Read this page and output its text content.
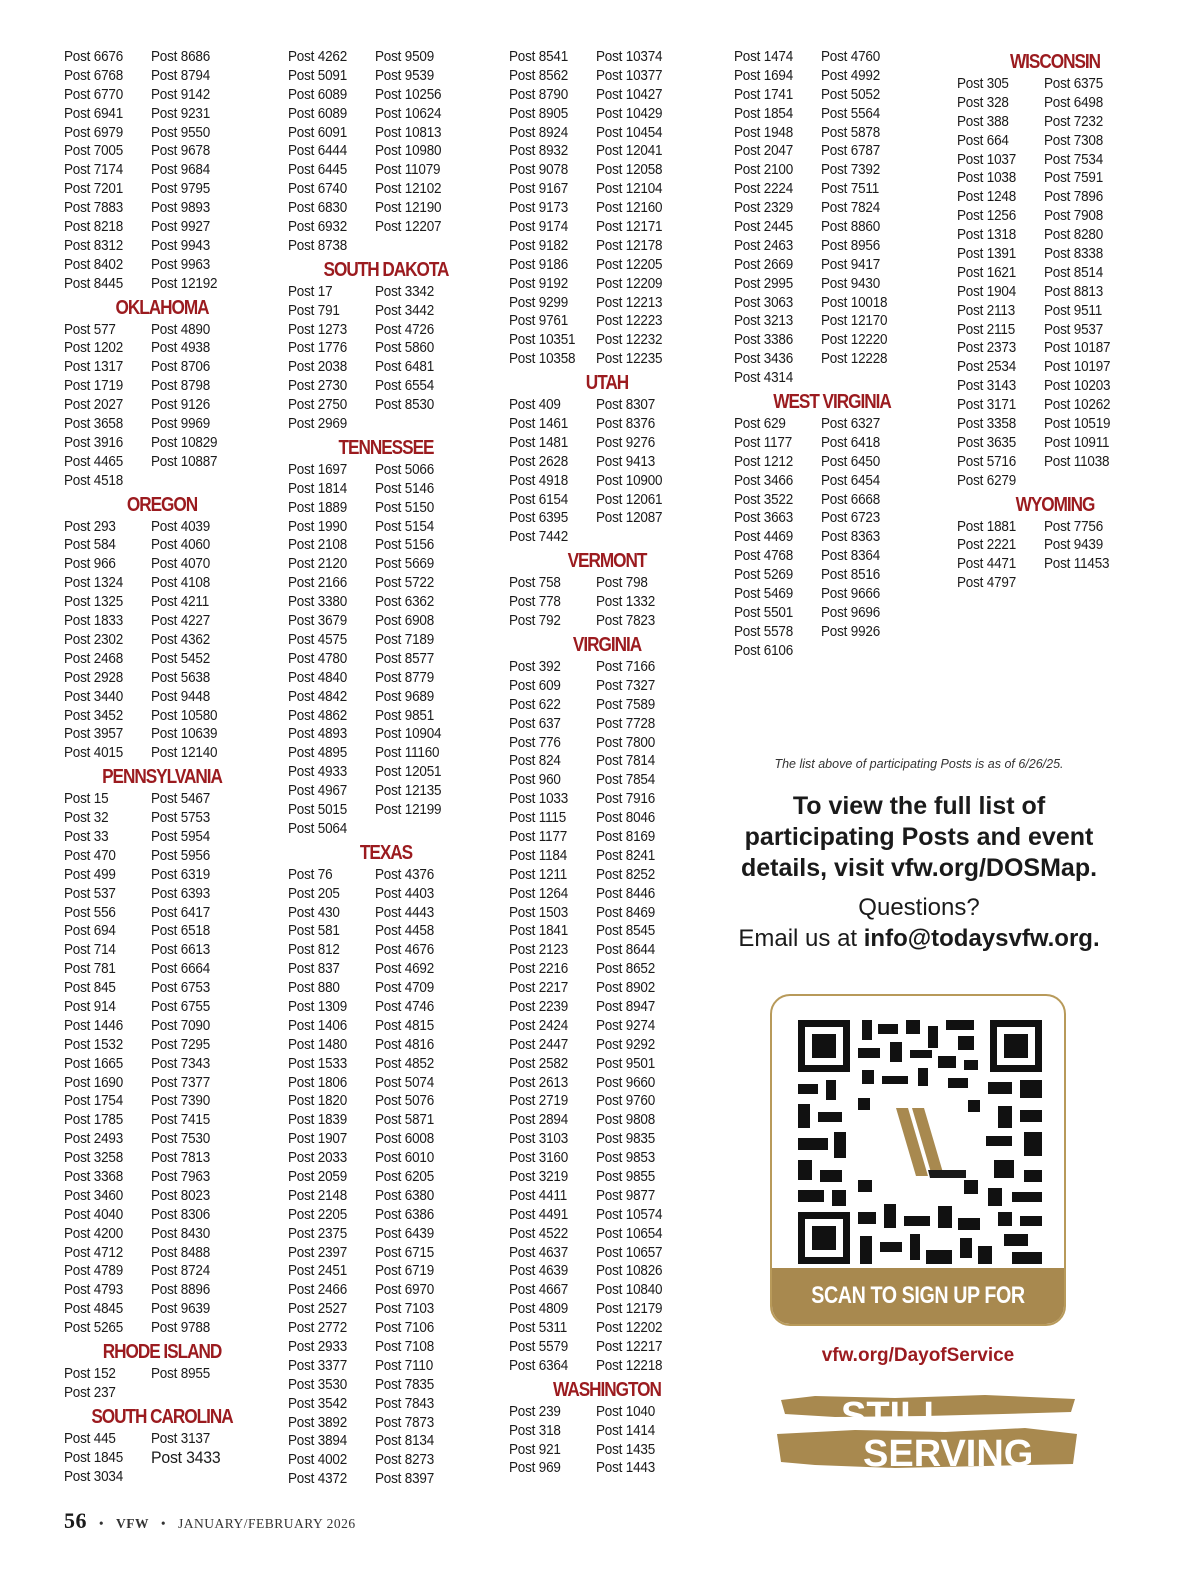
Post 6676	Post 8686
Post 6768	Post 8794
Post 6770	Post 9142
Post 6941	Post 9231
Post 6979	Post 9550
Post 7005	Post 9678
Post 7174	Post 9684
Post 7201	Post 9795
Post 7883	Post 9893
Post 8218	Post 9927
Post 8312	Post 9943
Post 8402	Post 9963
Post 8445	Post 12192
OKLAHOMA
Post 577	Post 4890
Post 1202	Post 4938
Post 1317	Post 8706
Post 1719	Post 8798
Post 2027	Post 9126
Post 3658	Post 9969
Post 3916	Post 10829
Post 4465	Post 10887
Post 4518
OREGON
Post 293	Post 4039
Post 584	Post 4060
Post 966	Post 4070
Post 1324	Post 4108
Post 1325	Post 4211
Post 1833	Post 4227
Post 2302	Post 4362
Post 2468	Post 5452
Post 2928	Post 5638
Post 3440	Post 9448
Post 3452	Post 10580
Post 3957	Post 10639
Post 4015	Post 12140
PENNSYLVANIA
Post 15	Post 5467
Post 32	Post 5753
Post 33	Post 5954
Post 470	Post 5956
Post 499	Post 6319
Post 537	Post 6393
Post 556	Post 6417
Post 694	Post 6518
Post 714	Post 6613
Post 781	Post 6664
Post 845	Post 6753
Post 914	Post 6755
Post 1446	Post 7090
Post 1532	Post 7295
Post 1665	Post 7343
Post 1690	Post 7377
Post 1754	Post 7390
Post 1785	Post 7415
Post 2493	Post 7530
Post 3258	Post 7813
Post 3368	Post 7963
Post 3460	Post 8023
Post 4040	Post 8306
Post 4200	Post 8430
Post 4712	Post 8488
Post 4789	Post 8724
Post 4793	Post 8896
Post 4845	Post 9639
Post 5265	Post 9788
RHODE ISLAND
Post 152	Post 8955
Post 237
SOUTH CAROLINA
Post 445	Post 3137
Post 1845	Post 3433
Post 3034
Post 4262	Post 9509
Post 5091	Post 9539
Post 6089	Post 10256
Post 6089	Post 10624
Post 6091	Post 10813
Post 6444	Post 10980
Post 6445	Post 11079
Post 6740	Post 12102
Post 6830	Post 12190
Post 6932	Post 12207
Post 8738
SOUTH DAKOTA
Post 17	Post 3342
Post 791	Post 3442
Post 1273	Post 4726
Post 1776	Post 5860
Post 2038	Post 6481
Post 2730	Post 6554
Post 2750	Post 8530
Post 2969
TENNESSEE
Post 1697	Post 5066
Post 1814	Post 5146
Post 1889	Post 5150
Post 1990	Post 5154
Post 2108	Post 5156
Post 2120	Post 5669
Post 2166	Post 5722
Post 3380	Post 6362
Post 3679	Post 6908
Post 4575	Post 7189
Post 4780	Post 8577
Post 4840	Post 8779
Post 4842	Post 9689
Post 4862	Post 9851
Post 4893	Post 10904
Post 4895	Post 11160
Post 4933	Post 12051
Post 4967	Post 12135
Post 5015	Post 12199
Post 5064
TEXAS
Post 76	Post 4376
Post 205	Post 4403
Post 430	Post 4443
Post 581	Post 4458
Post 812	Post 4676
Post 837	Post 4692
Post 880	Post 4709
Post 1309	Post 4746
Post 1406	Post 4815
Post 1480	Post 4816
Post 1533	Post 4852
Post 1806	Post 5074
Post 1820	Post 5076
Post 1839	Post 5871
Post 1907	Post 6008
Post 2033	Post 6010
Post 2059	Post 6205
Post 2148	Post 6380
Post 2205	Post 6386
Post 2375	Post 6439
Post 2397	Post 6715
Post 2451	Post 6719
Post 2466	Post 6970
Post 2527	Post 7103
Post 2772	Post 7106
Post 2933	Post 7108
Post 3377	Post 7110
Post 3530	Post 7835
Post 3542	Post 7843
Post 3892	Post 7873
Post 3894	Post 8134
Post 4002	Post 8273
Post 4372	Post 8397
Post 8541	Post 10374
Post 8562	Post 10377
Post 8790	Post 10427
Post 8905	Post 10429
Post 8924	Post 10454
Post 8932	Post 12041
Post 9078	Post 12058
Post 9167	Post 12104
Post 9173	Post 12160
Post 9174	Post 12171
Post 9182	Post 12178
Post 9186	Post 12205
Post 9192	Post 12209
Post 9299	Post 12213
Post 9761	Post 12223
Post 10351	Post 12232
Post 10358	Post 12235
UTAH
Post 409	Post 8307
Post 1461	Post 8376
Post 1481	Post 9276
Post 2628	Post 9413
Post 4918	Post 10900
Post 6154	Post 12061
Post 6395	Post 12087
Post 7442
VERMONT
Post 758	Post 798
Post 778	Post 1332
Post 792	Post 7823
VIRGINIA
Post 392	Post 7166
Post 609	Post 7327
Post 622	Post 7589
Post 637	Post 7728
Post 776	Post 7800
Post 824	Post 7814
Post 960	Post 7854
Post 1033	Post 7916
Post 1115	Post 8046
Post 1177	Post 8169
Post 1184	Post 8241
Post 1211	Post 8252
Post 1264	Post 8446
Post 1503	Post 8469
Post 1841	Post 8545
Post 2123	Post 8644
Post 2216	Post 8652
Post 2217	Post 8902
Post 2239	Post 8947
Post 2424	Post 9274
Post 2447	Post 9292
Post 2582	Post 9501
Post 2613	Post 9660
Post 2719	Post 9760
Post 2894	Post 9808
Post 3103	Post 9835
Post 3160	Post 9853
Post 3219	Post 9855
Post 4411	Post 9877
Post 4491	Post 10574
Post 4522	Post 10654
Post 4637	Post 10657
Post 4639	Post 10826
Post 4667	Post 10840
Post 4809	Post 12179
Post 5311	Post 12202
Post 5579	Post 12217
Post 6364	Post 12218
WASHINGTON
Post 239	Post 1040
Post 318	Post 1414
Post 921	Post 1435
Post 969	Post 1443
Post 1474	Post 4760
Post 1694	Post 4992
Post 1741	Post 5052
Post 1854	Post 5564
Post 1948	Post 5878
Post 2047	Post 6787
Post 2100	Post 7392
Post 2224	Post 7511
Post 2329	Post 7824
Post 2445	Post 8860
Post 2463	Post 8956
Post 2669	Post 9417
Post 2995	Post 9430
Post 3063	Post 10018
Post 3213	Post 12170
Post 3386	Post 12220
Post 3436	Post 12228
Post 4314
WEST VIRGINIA
Post 629	Post 6327
Post 1177	Post 6418
Post 1212	Post 6450
Post 3466	Post 6454
Post 3522	Post 6668
Post 3663	Post 6723
Post 4469	Post 8363
Post 4768	Post 8364
Post 5269	Post 8516
Post 5469	Post 9666
Post 5501	Post 9696
Post 5578	Post 9926
Post 6106
WISCONSIN
Post 305	Post 6375
Post 328	Post 6498
Post 388	Post 7232
Post 664	Post 7308
Post 1037	Post 7534
Post 1038	Post 7591
Post 1248	Post 7896
Post 1256	Post 7908
Post 1318	Post 8280
Post 1391	Post 8338
Post 1621	Post 8514
Post 1904	Post 8813
Post 2113	Post 9511
Post 2115	Post 9537
Post 2373	Post 10187
Post 2534	Post 10197
Post 3143	Post 10203
Post 3171	Post 10262
Post 3358	Post 10519
Post 3635	Post 10911
Post 5716	Post 11038
Post 6279
WYOMING
Post 1881	Post 7756
Post 2221	Post 9439
Post 4471	Post 11453
Post 4797
The list above of participating Posts is as of 6/26/25.
To view the full list of participating Posts and event details, visit vfw.org/DOSMap.
Questions?
Email us at info@todaysvfw.org.
SCAN TO SIGN UP FOR
vfw.org/DayofService
STILL
SERVING
56 • VFW • JANUARY/FEBRUARY 2026
